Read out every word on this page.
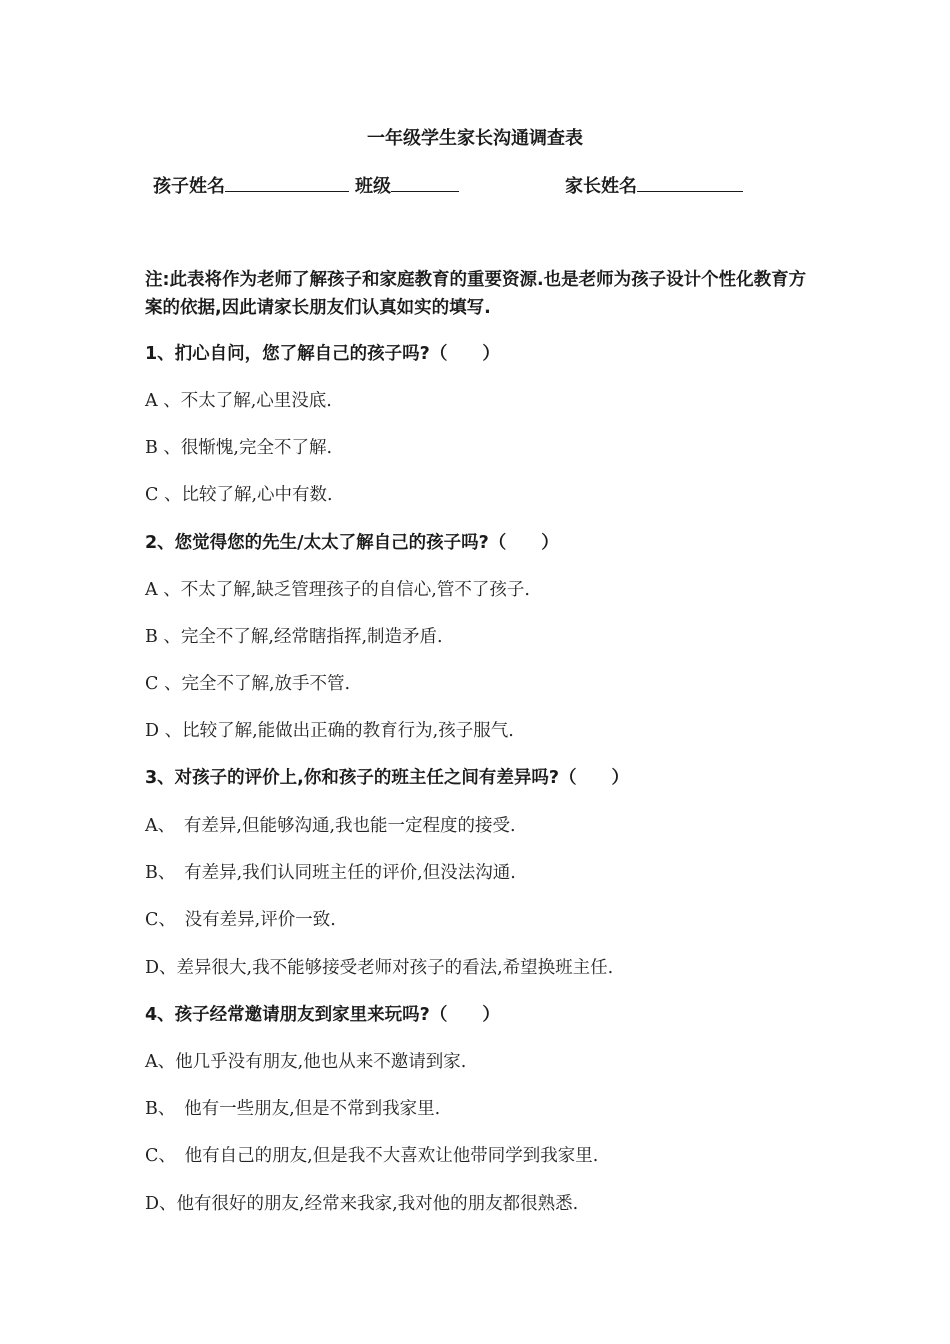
一年级学生家长沟通调查表
孩子姓名	班级	家长姓名
注:此表将作为老师了解孩子和家庭教育的重要资源.也是老师为孩子设计个性化教育方案的依据,因此请家长朋友们认真如实的填写.
1、扪心自问，您了解自己的孩子吗?（　　）
A 、不太了解,心里没底.
B 、很惭愧,完全不了解.
C 、比较了解,心中有数.
2、您觉得您的先生/太太了解自己的孩子吗?（　　）
A 、不太了解,缺乏管理孩子的自信心,管不了孩子.
B 、完全不了解,经常瞎指挥,制造矛盾.
C 、完全不了解,放手不管.
D 、比较了解,能做出正确的教育行为,孩子服气.
3、对孩子的评价上,你和孩子的班主任之间有差异吗?（　　）
A、　有差异,但能够沟通,我也能一定程度的接受.
B、　有差异,我们认同班主任的评价,但没法沟通.
C、　没有差异,评价一致.
D、差异很大,我不能够接受老师对孩子的看法,希望换班主任.
4、孩子经常邀请朋友到家里来玩吗?（　　）
A、他几乎没有朋友,他也从来不邀请到家.
B、　他有一些朋友,但是不常到我家里.
C、　他有自己的朋友,但是我不大喜欢让他带同学到我家里.
D、他有很好的朋友,经常来我家,我对他的朋友都很熟悉.
